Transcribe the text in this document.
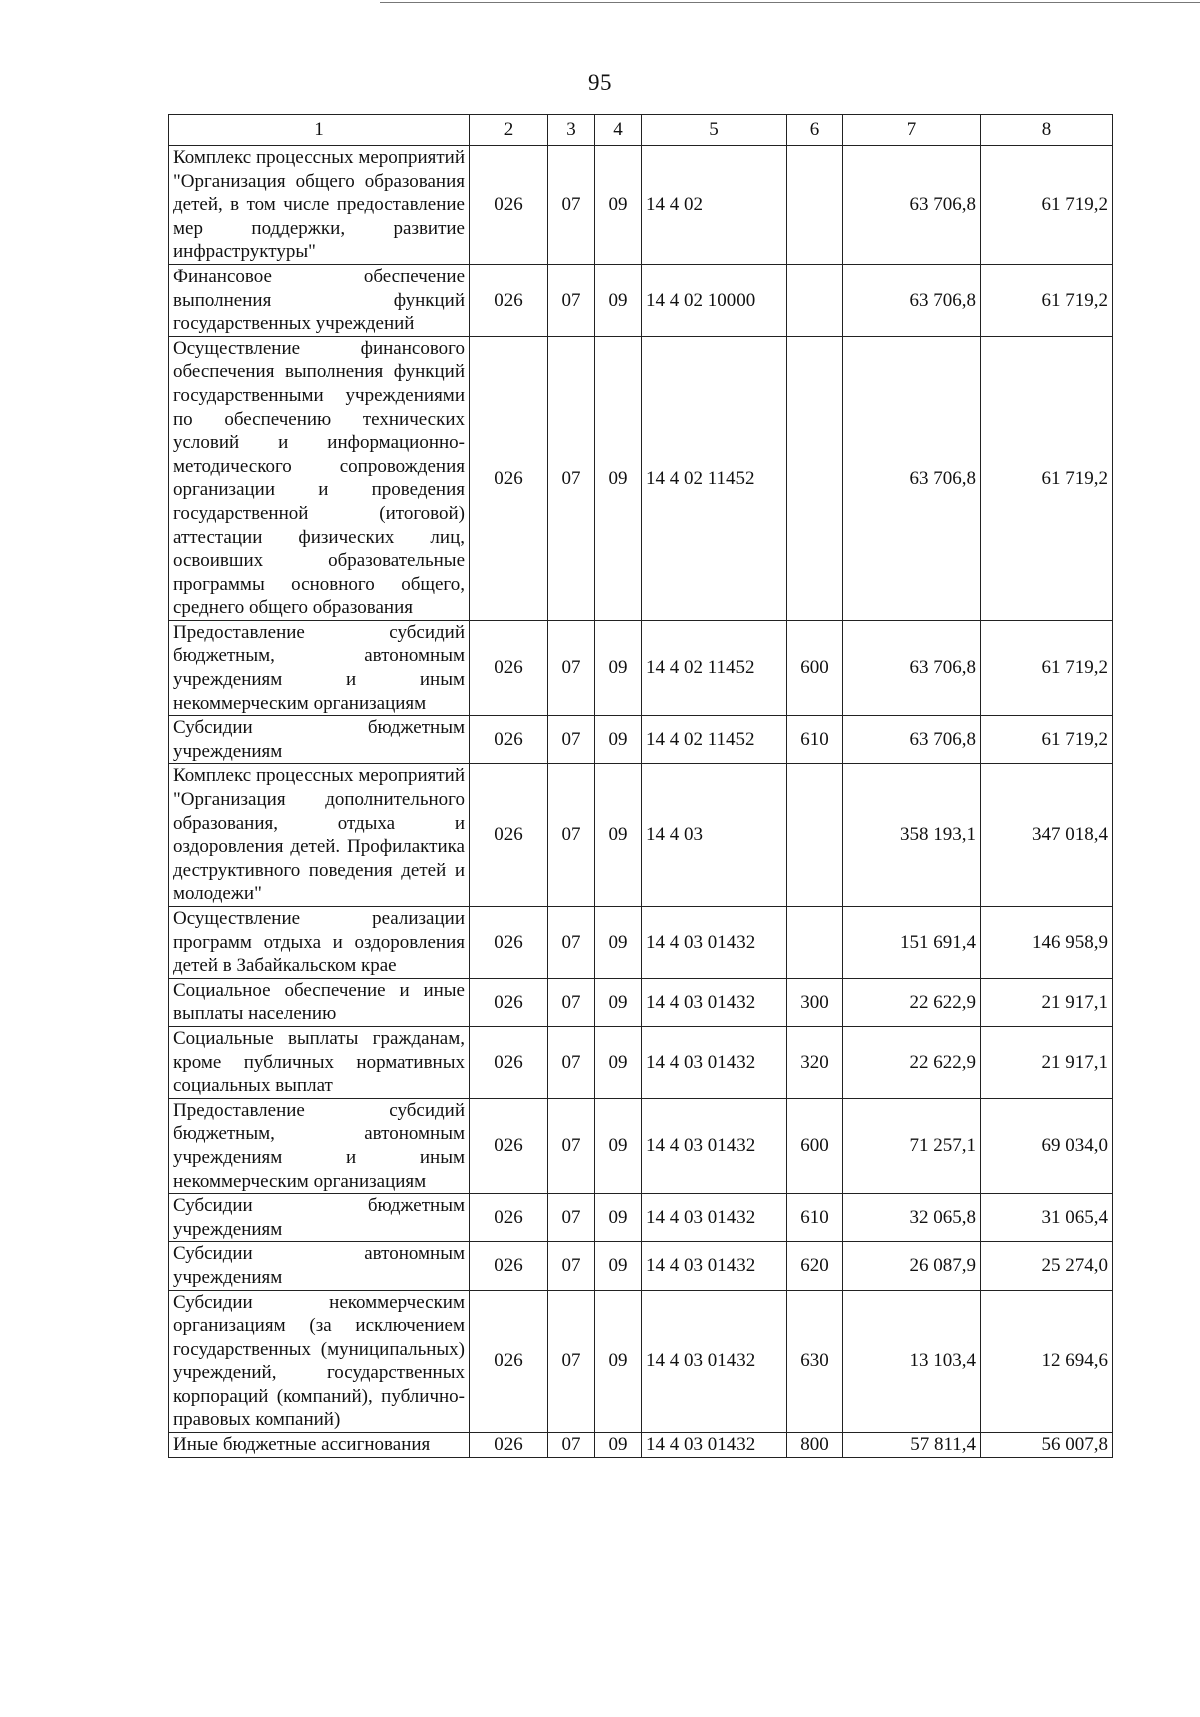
95
1	2	3	4	5	6	7	8
Комплекс процессных мероприятий "Организация общего образования детей, в том числе предоставление мер поддержки, развитие инфраструктуры"	026	07	09	14 4 02		63 706,8	61 719,2
Финансовое обеспечение выполнения функций государственных учреждений	026	07	09	14 4 02 10000		63 706,8	61 719,2
Осуществление финансового обеспечения выполнения функций государственными учреждениями по обеспечению технических условий и информационно-методического сопровождения организации и проведения государственной (итоговой) аттестации физических лиц, освоивших образовательные программы основного общего, среднего общего образования	026	07	09	14 4 02 11452		63 706,8	61 719,2
Предоставление субсидий бюджетным, автономным учреждениям и иным некоммерческим организациям	026	07	09	14 4 02 11452	600	63 706,8	61 719,2
Субсидии бюджетным учреждениям	026	07	09	14 4 02 11452	610	63 706,8	61 719,2
Комплекс процессных мероприятий "Организация дополнительного образования, отдыха и оздоровления детей. Профилактика деструктивного поведения детей и молодежи"	026	07	09	14 4 03		358 193,1	347 018,4
Осуществление реализации программ отдыха и оздоровления детей в Забайкальском крае	026	07	09	14 4 03 01432		151 691,4	146 958,9
Социальное обеспечение и иные выплаты населению	026	07	09	14 4 03 01432	300	22 622,9	21 917,1
Социальные выплаты гражданам, кроме публичных нормативных социальных выплат	026	07	09	14 4 03 01432	320	22 622,9	21 917,1
Предоставление субсидий бюджетным, автономным учреждениям и иным некоммерческим организациям	026	07	09	14 4 03 01432	600	71 257,1	69 034,0
Субсидии бюджетным учреждениям	026	07	09	14 4 03 01432	610	32 065,8	31 065,4
Субсидии автономным учреждениям	026	07	09	14 4 03 01432	620	26 087,9	25 274,0
Субсидии некоммерческим организациям (за исключением государственных (муниципальных) учреждений, государственных корпораций (компаний), публично-правовых компаний)	026	07	09	14 4 03 01432	630	13 103,4	12 694,6
Иные бюджетные ассигнования	026	07	09	14 4 03 01432	800	57 811,4	56 007,8
